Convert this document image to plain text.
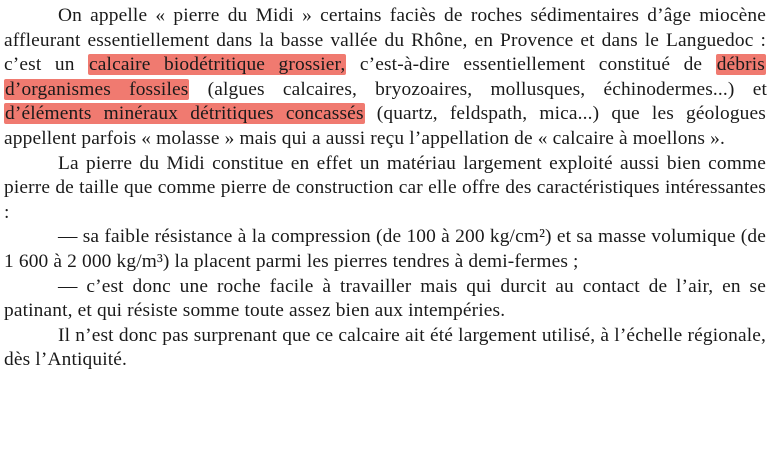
On appelle « pierre du Midi » certains faciès de roches sédimentaires d’âge miocène affleurant essentiellement dans la basse vallée du Rhône, en Provence et dans le Languedoc : c’est un calcaire biodétritique grossier, c’est-à-dire essentiellement constitué de débris d’organismes fossiles (algues calcaires, bryozoaires, mollusques, échinodermes...) et d’éléments minéraux détritiques concassés (quartz, feldspath, mica...) que les géologues appellent parfois « molasse » mais qui a aussi reçu l’appellation de « calcaire à moellons ».

La pierre du Midi constitue en effet un matériau largement exploité aussi bien comme pierre de taille que comme pierre de construction car elle offre des caractéristiques intéressantes :

— sa faible résistance à la compression (de 100 à 200 kg/cm²) et sa masse volumique (de 1 600 à 2 000 kg/m³) la placent parmi les pierres tendres à demi-fermes ;

— c’est donc une roche facile à travailler mais qui durcit au contact de l’air, en se patinant, et qui résiste somme toute assez bien aux intempéries.

Il n’est donc pas surprenant que ce calcaire ait été largement utilisé, à l’échelle régionale, dès l’Antiquité.
